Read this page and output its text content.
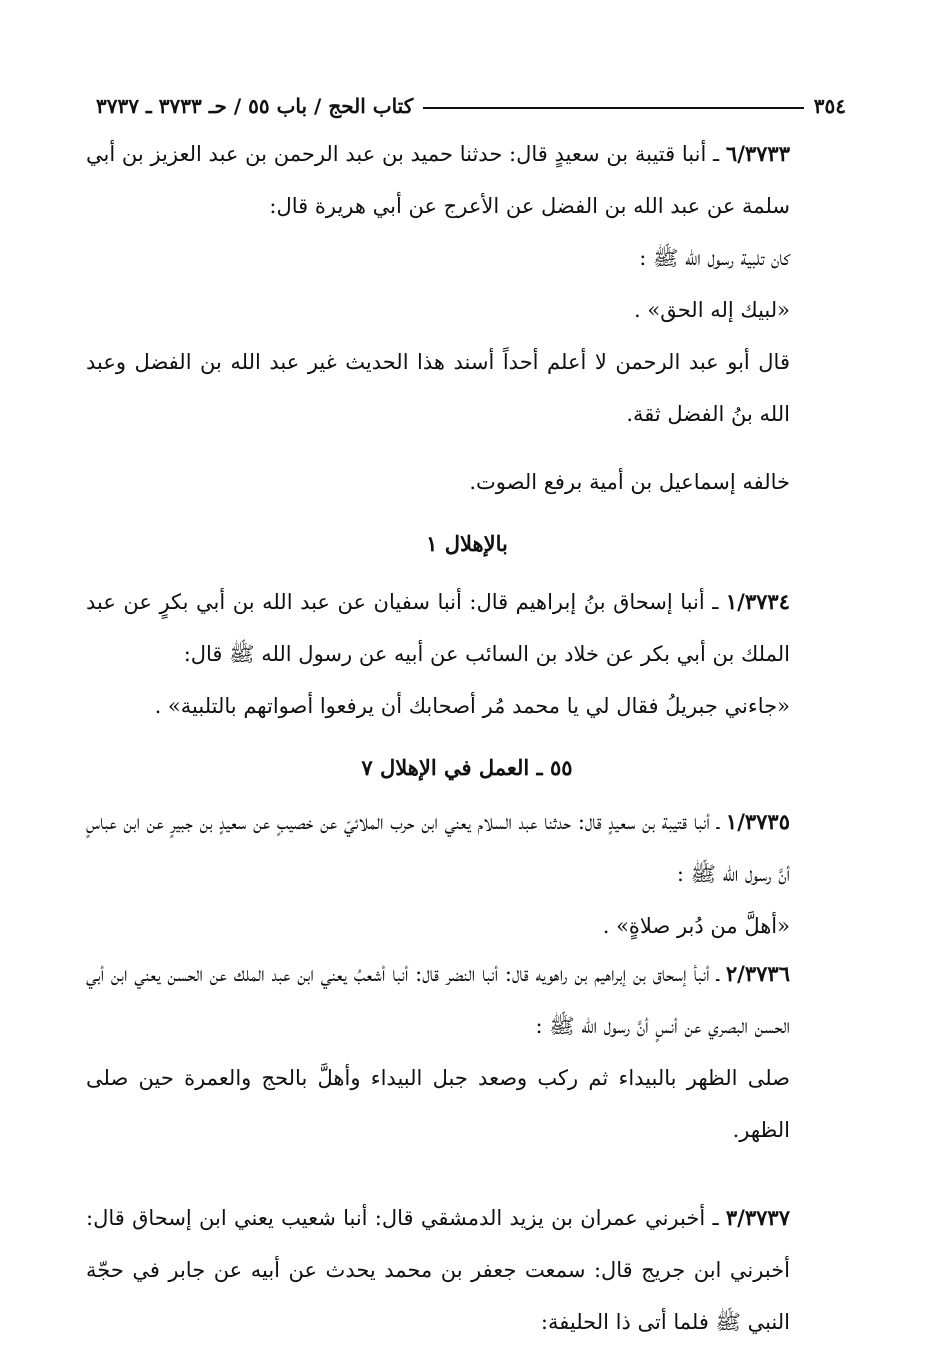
٣٥٤
كتاب الحج / باب ٥٥ / حـ ٣٧٣٣ ـ ٣٧٣٧

٦/٣٧٣٣ ـ أنبا قتيبة بن سعيدٍ قال: حدثنا حميد بن عبد الرحمن بن عبد العزيز بن أبي سلمة عن عبد الله بن الفضل عن الأعرج عن أبي هريرة قال:

كان تلبية رسول الله ﷺ :

«لبيك إله الحق» .

قال أبو عبد الرحمن لا أعلم أحداً أسند هذا الحديث غير عبد الله بن الفضل وعبد الله بنُ الفضل ثقة.

خالفه إسماعيل بن أمية برفع الصوت.

بالإهلال ١

١/٣٧٣٤ ـ أنبا إسحاق بنُ إبراهيم قال: أنبا سفيان عن عبد الله بن أبي بكرٍ عن عبد الملك بن أبي بكر عن خلاد بن السائب عن أبيه عن رسول الله ﷺ قال:

«جاءني جبريلُ فقال لي يا محمد مُر أصحابك أن يرفعوا أصواتهم بالتلبية» .

٥٥ ـ العمل في الإهلال ٧

١/٣٧٣٥ ـ أنبا قتيبة بن سعيدٍ قال: حدثنا عبد السلام يعني ابن حرب الملائيّ عن خصيبٍ عن سعيدٍ بن جبيرٍ عن ابن عباسٍ أنَّ رسول الله ﷺ :

«أهلَّ من دُبر صلاةٍ» .

٢/٣٧٣٦ ـ أنبأ إسحاق بن إبراهيم بن راهويه قال: أنبا النضر قال: أنبا أشعبُ يعني ابن عبد الملك عن الحسن يعني ابن أبي الحسن البصري عن أنسٍ أنَّ رسول الله ﷺ :

صلى الظهر بالبيداء ثم ركب وصعد جبل البيداء وأهلَّ بالحج والعمرة حين صلى الظهر.

٣/٣٧٣٧ ـ أخبرني عمران بن يزيد الدمشقي قال: أنبا شعيب يعني ابن إسحاق قال: أخبرني ابن جريج قال: سمعت جعفر بن محمد يحدث عن أبيه عن جابر في حجّة النبي ﷺ فلما أتى ذا الحليفة:
